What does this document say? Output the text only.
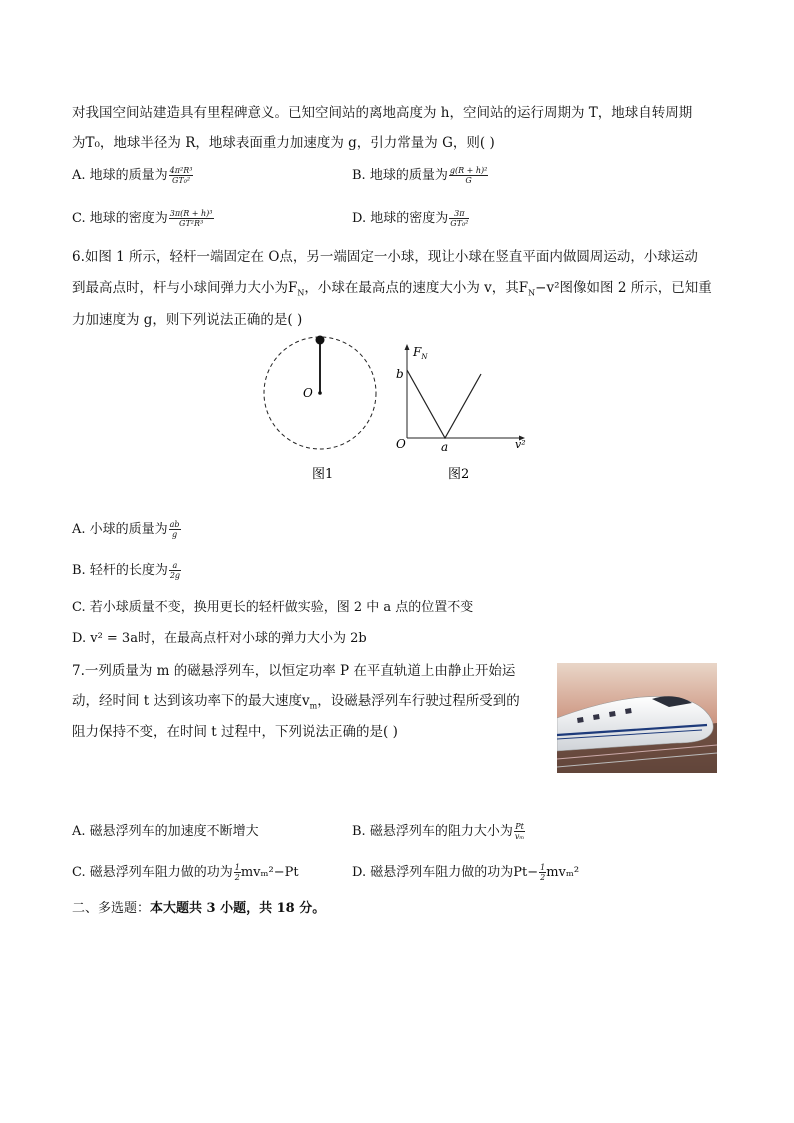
对我国空间站建造具有里程碑意义。已知空间站的离地高度为 h，空间站的运行周期为 T，地球自转周期
为T₀，地球半径为 R，地球表面重力加速度为 g，引力常量为 G，则( )
A. 地球的质量为 $\frac{\text{4π²R³}}{\text{GT₀²}}$	B. 地球的质量为 $\frac{\text{g(R + h)²}}{G}$
C. 地球的密度为 $\frac{\text{3π(R + h)³}}{\text{GT²R³}}$	D. 地球的密度为 $\frac{3\pi}{\text{GT₀²}}$
6.如图 1 所示，轻杆一端固定在 O点，另一端固定一小球，现让小球在竖直平面内做圆周运动，小球运动
到最高点时，杆与小球间弹力大小为$F_N$，小球在最高点的速度大小为 v，其$F_N-v^2$图像如图 2 所示，已知重
力加速度为 g，则下列说法正确的是( )
O
图1
$F_N$
b
O	a	v²
图2
A. 小球的质量为 $\frac{ab}{g}$
B. 轻杆的长度为 $\frac{a}{2g}$
C. 若小球质量不变，换用更长的轻杆做实验，图 2 中 a 点的位置不变
D. v² = 3a时，在最高点杆对小球的弹力大小为 2b
7.一列质量为 m 的磁悬浮列车，以恒定功率 P 在平直轨道上由静止开始运
动，经时间 t 达到该功率下的最大速度$v_m$，设磁悬浮列车行驶过程所受到的
阻力保持不变，在时间 t 过程中，下列说法正确的是( )
A. 磁悬浮列车的加速度不断增大	B. 磁悬浮列车的阻力大小为 $\frac{Pt}{\text{vₘ}}$
C. 磁悬浮列车阻力做的功为 $\frac{1}{2} mv_m^2-Pt$	D. 磁悬浮列车阻力做的功为$Pt- \frac{1}{2} mv_m^2$
二、多选题：本大题共 3 小题，共 18 分。
